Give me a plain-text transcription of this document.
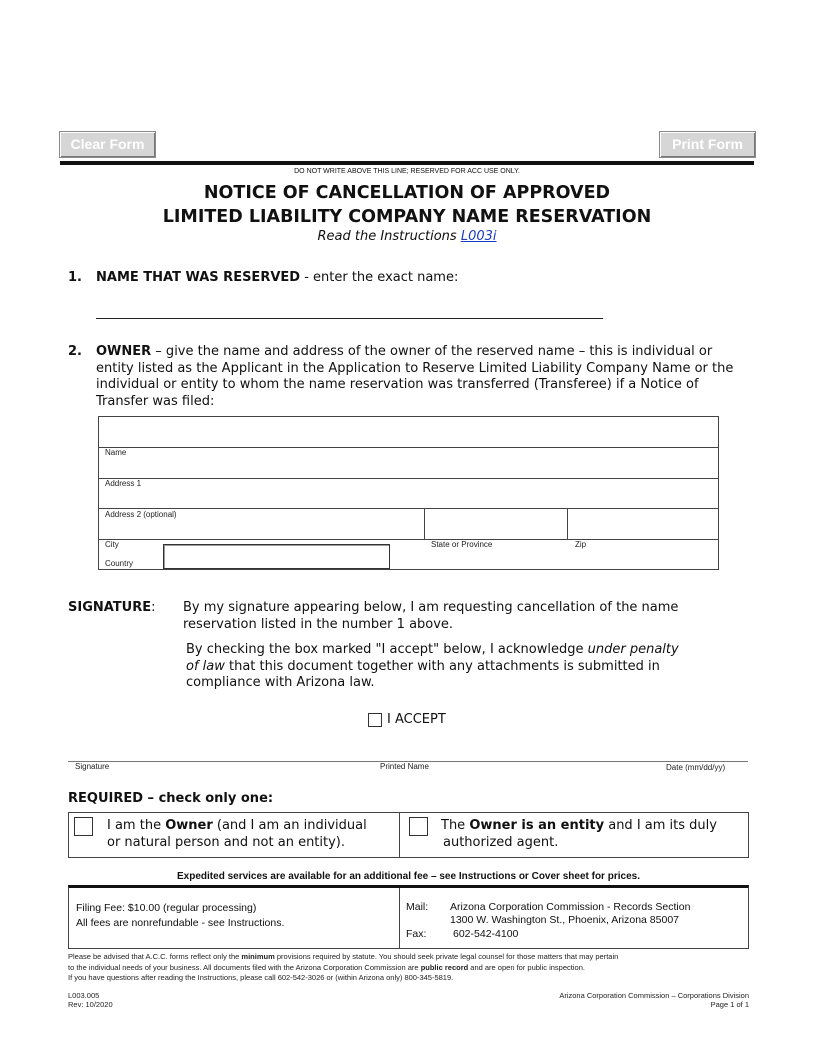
Clear Form	Print Form
DO NOT WRITE ABOVE THIS LINE; RESERVED FOR ACC USE ONLY.
NOTICE OF CANCELLATION OF APPROVED
LIMITED LIABILITY COMPANY NAME RESERVATION
Read the Instructions L003i
1. NAME THAT WAS RESERVED - enter the exact name:
______________________________________________________________________________
2. OWNER – give the name and address of the owner of the reserved name – this is individual or
entity listed as the Applicant in the Application to Reserve Limited Liability Company Name or the
individual or entity to whom the name reservation was transferred (Transferee) if a Notice of
Transfer was filed:
Name
Address 1
Address 2 (optional)
City	State or Province	Zip
Country
SIGNATURE: By my signature appearing below, I am requesting cancellation of the name
reservation listed in the number 1 above.
By checking the box marked "I accept" below, I acknowledge under penalty
of law that this document together with any attachments is submitted in
compliance with Arizona law.
I ACCEPT
Signature	Printed Name	Date (mm/dd/yy)
REQUIRED – check only one:
I am the Owner (and I am an individual
or natural person and not an entity).
The Owner is an entity and I am its duly
authorized agent.
Expedited services are available for an additional fee – see Instructions or Cover sheet for prices.
Filing Fee: $10.00 (regular processing)
All fees are nonrefundable - see Instructions.
Mail: Arizona Corporation Commission - Records Section
1300 W. Washington St., Phoenix, Arizona 85007
Fax:	602-542-4100
Please be advised that A.C.C. forms reflect only the minimum provisions required by statute. You should seek private legal counsel for those matters that may pertain
to the individual needs of your business. All documents filed with the Arizona Corporation Commission are public record and are open for public inspection.
If you have questions after reading the Instructions, please call 602-542-3026 or (within Arizona only) 800-345-5819.
L003.005
Rev: 10/2020
Arizona Corporation Commission – Corporations Division
Page 1 of 1
